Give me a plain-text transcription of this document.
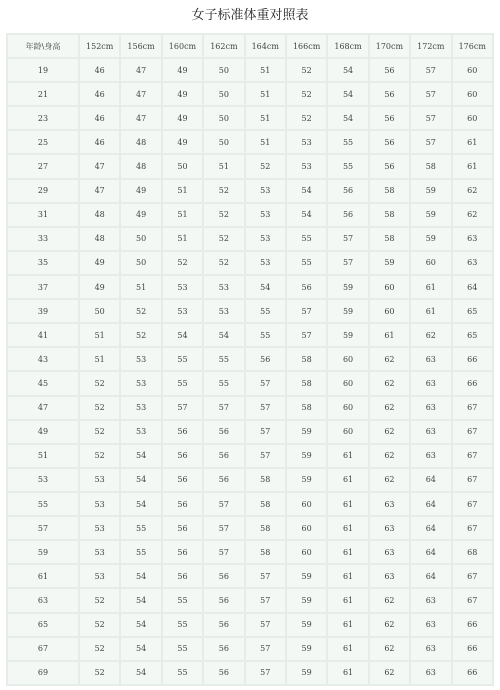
女子标准体重对照表
年龄\身高	152cm	156cm	160cm	162cm	164cm	166cm	168cm	170cm	172cm	176cm
19	46	47	49	50	51	52	54	56	57	60
21	46	47	49	50	51	52	54	56	57	60
23	46	47	49	50	51	52	54	56	57	60
25	46	48	49	50	51	53	55	56	57	61
27	47	48	50	51	52	53	55	56	58	61
29	47	49	51	52	53	54	56	58	59	62
31	48	49	51	52	53	54	56	58	59	62
33	48	50	51	52	53	55	57	58	59	63
35	49	50	52	52	53	55	57	59	60	63
37	49	51	53	53	54	56	59	60	61	64
39	50	52	53	53	55	57	59	60	61	65
41	51	52	54	54	55	57	59	61	62	65
43	51	53	55	55	56	58	60	62	63	66
45	52	53	55	55	57	58	60	62	63	66
47	52	53	57	57	57	58	60	62	63	67
49	52	53	56	56	57	59	60	62	63	67
51	52	54	56	56	57	59	61	62	63	67
53	53	54	56	56	58	59	61	62	64	67
55	53	54	56	57	58	60	61	63	64	67
57	53	55	56	57	58	60	61	63	64	67
59	53	55	56	57	58	60	61	63	64	68
61	53	54	56	56	57	59	61	63	64	67
63	52	54	55	56	57	59	61	62	63	67
65	52	54	55	56	57	59	61	62	63	66
67	52	54	55	56	57	59	61	62	63	66
69	52	54	55	56	57	59	61	62	63	66
